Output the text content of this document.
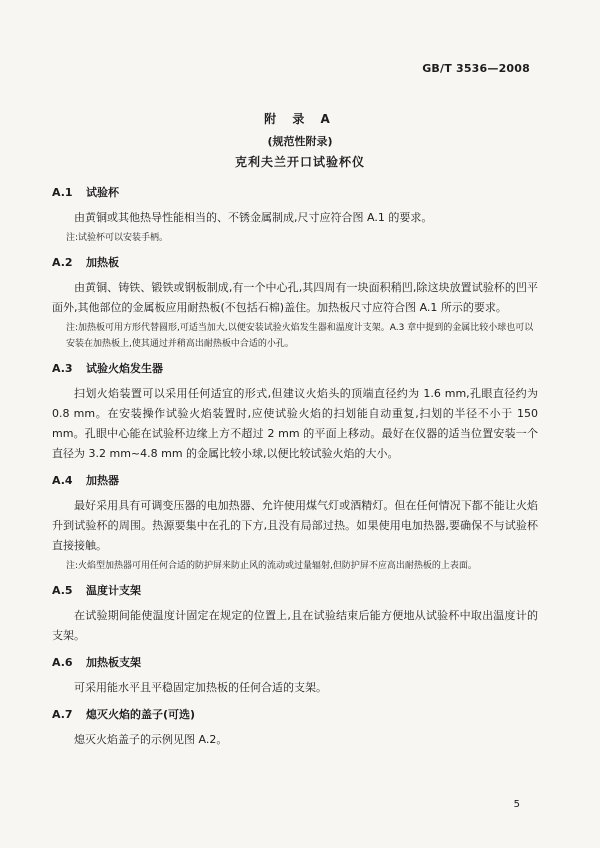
GB/T 3536—2008
附 录 A
(规范性附录)
克利夫兰开口试验杯仪
A.1 试验杯

由黄铜或其他热导性能相当的、不锈金属制成,尺寸应符合图 A.1 的要求。

注:试验杯可以安装手柄。

A.2 加热板

由黄铜、铸铁、锻铁或钢板制成,有一个中心孔,其四周有一块面积稍凹,除这块放置试验杯的凹平面外,其他部位的金属板应用耐热板(不包括石棉)盖住。加热板尺寸应符合图 A.1 所示的要求。

注:加热板可用方形代替圆形,可适当加大,以便安装试验火焰发生器和温度计支架。A.3 章中提到的金属比较小球也可以安装在加热板上,使其通过并稍高出耐热板中合适的小孔。

A.3 试验火焰发生器

扫划火焰装置可以采用任何适宜的形式,但建议火焰头的顶端直径约为 1.6 mm,孔眼直径约为 0.8 mm。在安装操作试验火焰装置时,应使试验火焰的扫划能自动重复,扫划的半径不小于 150 mm。孔眼中心能在试验杯边缘上方不超过 2 mm 的平面上移动。最好在仪器的适当位置安装一个直径为 3.2 mm~4.8 mm 的金属比较小球,以便比较试验火焰的大小。

A.4 加热器

最好采用具有可调变压器的电加热器、允许使用煤气灯或酒精灯。但在任何情况下都不能让火焰升到试验杯的周围。热源要集中在孔的下方,且没有局部过热。如果使用电加热器,要确保不与试验杯直接接触。

注:火焰型加热器可用任何合适的防护屏来防止风的流动或过量辐射,但防护屏不应高出耐热板的上表面。

A.5 温度计支架

在试验期间能使温度计固定在规定的位置上,且在试验结束后能方便地从试验杯中取出温度计的支架。

A.6 加热板支架

可采用能水平且平稳固定加热板的任何合适的支架。

A.7 熄灭火焰的盖子(可选)

熄灭火焰盖子的示例见图 A.2。

5
